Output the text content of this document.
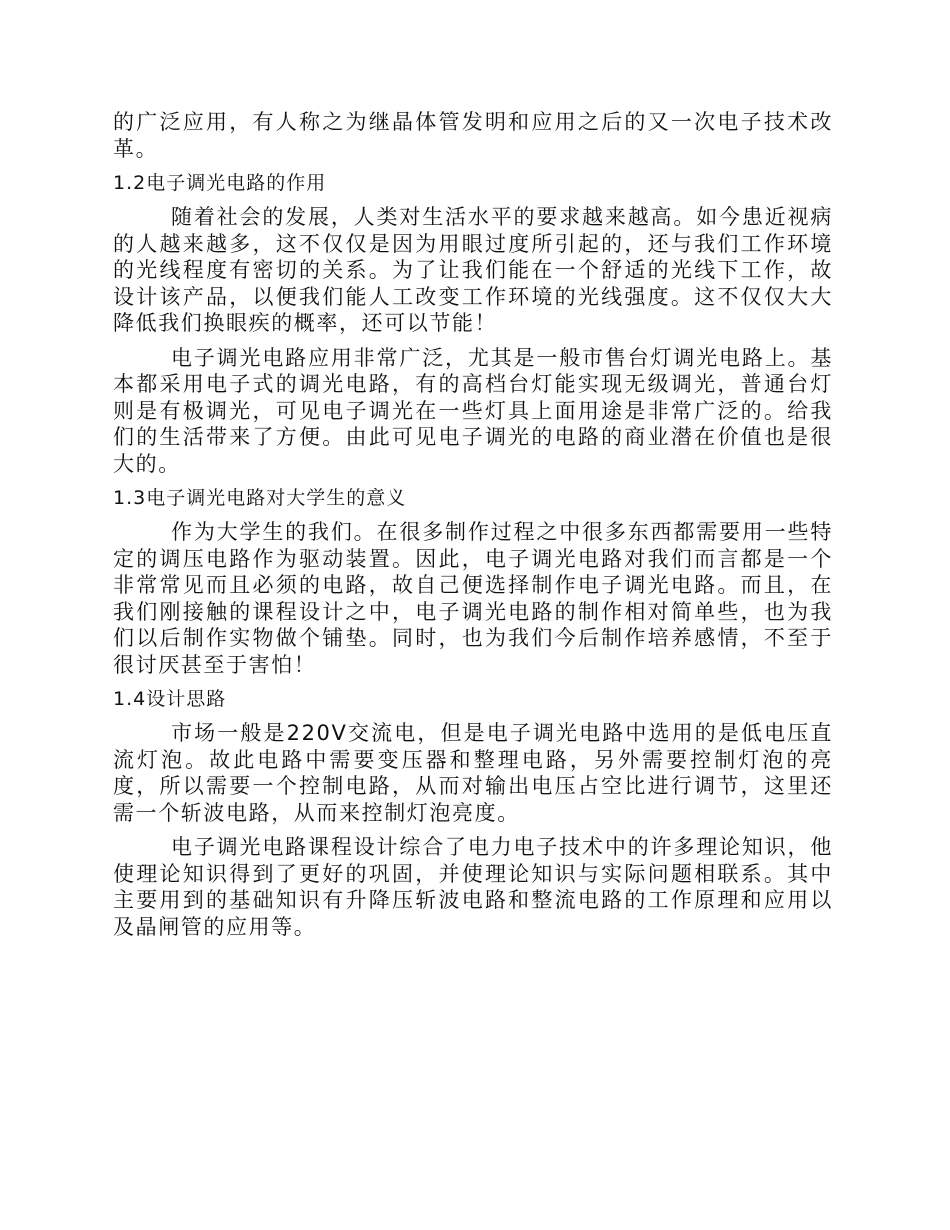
的广泛应用，有人称之为继晶体管发明和应用之后的又一次电子技术改革。

1.2电子调光电路的作用

随着社会的发展，人类对生活水平的要求越来越高。如今患近视病的人越来越多，这不仅仅是因为用眼过度所引起的，还与我们工作环境的光线程度有密切的关系。为了让我们能在一个舒适的光线下工作，故设计该产品，以便我们能人工改变工作环境的光线强度。这不仅仅大大降低我们换眼疾的概率，还可以节能！

电子调光电路应用非常广泛，尤其是一般市售台灯调光电路上。基本都采用电子式的调光电路，有的高档台灯能实现无级调光，普通台灯则是有极调光，可见电子调光在一些灯具上面用途是非常广泛的。给我们的生活带来了方便。由此可见电子调光的电路的商业潜在价值也是很大的。

1.3电子调光电路对大学生的意义

作为大学生的我们。在很多制作过程之中很多东西都需要用一些特定的调压电路作为驱动装置。因此，电子调光电路对我们而言都是一个非常常见而且必须的电路，故自己便选择制作电子调光电路。而且，在我们刚接触的课程设计之中，电子调光电路的制作相对简单些，也为我们以后制作实物做个铺垫。同时，也为我们今后制作培养感情，不至于很讨厌甚至于害怕！

1.4设计思路

市场一般是220V交流电，但是电子调光电路中选用的是低电压直流灯泡。故此电路中需要变压器和整理电路，另外需要控制灯泡的亮度，所以需要一个控制电路，从而对输出电压占空比进行调节，这里还需一个斩波电路，从而来控制灯泡亮度。

电子调光电路课程设计综合了电力电子技术中的许多理论知识，他使理论知识得到了更好的巩固，并使理论知识与实际问题相联系。其中主要用到的基础知识有升降压斩波电路和整流电路的工作原理和应用以及晶闸管的应用等。
